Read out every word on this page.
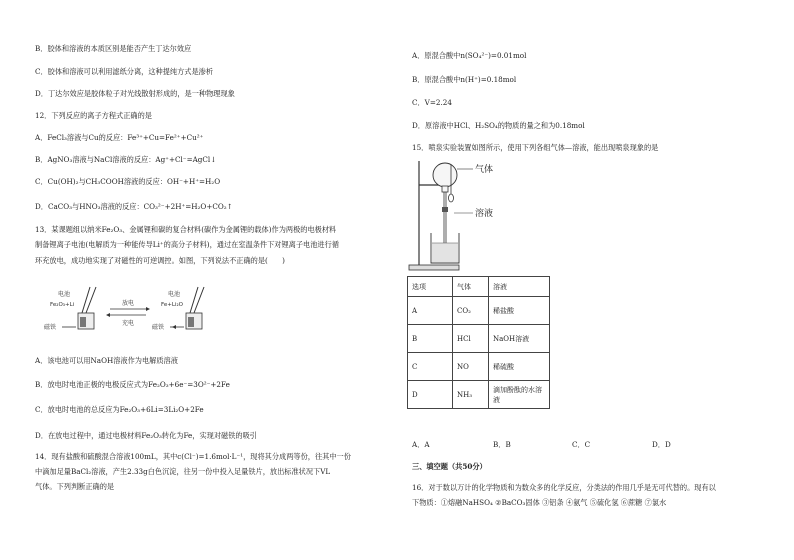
B．胶体和溶液的本质区别是能否产生丁达尔效应
C．胶体和溶液可以利用滤纸分离，这种提纯方式是渗析
D．丁达尔效应是胶体粒子对光线散射形成的，是一种物理现象
12．下列反应的离子方程式正确的是
A．FeCl₃溶液与Cu的反应：Fe³⁺+Cu=Fe²⁺+Cu²⁺
B．AgNO₃溶液与NaCl溶液的反应：Ag⁺+Cl⁻=AgCl↓
C．Cu(OH)₂与CH₃COOH溶液的反应：OH⁻+H⁺=H₂O
D．CaCO₃与HNO₃溶液的反应：CO₃²⁻+2H⁺=H₂O+CO₂↑
13．某课题组以纳米Fe₂O₃、金属锂和碳的复合材料(碳作为金属锂的载体)作为两极的电极材料
制备锂离子电池(电解质为一种能传导Li⁺的高分子材料)，通过在室温条件下对锂离子电池进行循
环充放电，成功地实现了对磁性的可逆调控。如图，下列说法不正确的是(　　)
电池
Fe₂O₃+Li
磁铁
放电
充电
电池
Fe+Li₂O
磁铁
A．该电池可以用NaOH溶液作为电解质溶液
B．放电时电池正极的电极反应式为Fe₂O₃+6e⁻=3O²⁻+2Fe
C．放电时电池的总反应为Fe₂O₃+6Li=3Li₂O+2Fe
D．在放电过程中，通过电极材料Fe₂O₃转化为Fe，实现对磁铁的吸引
14．现有盐酸和硫酸混合溶液100mL，其中c(Cl⁻)=1.6mol·L⁻¹，现将其分成两等份，往其中一份
中滴加足量BaCl₂溶液，产生2.33g白色沉淀，往另一份中投入足量铁片，放出标准状况下VL
气体。下列判断正确的是
A．原混合酸中n(SO₄²⁻)=0.01mol
B．原混合酸中n(H⁺)=0.18mol
C．V=2.24
D．原溶液中HCl、H₂SO₄的物质的量之和为0.18mol
15．喷泉实验装置如图所示，使用下列各组气体—溶液，能出现喷泉现象的是
气体
溶液
选项	气体	溶液
A	CO₂	稀盐酸
B	HCl	NaOH溶液
C	NO	稀硫酸
D	NH₃	滴加酚酞的水溶液
A．A	B．B	C．C	D．D
三、填空题（共50分）
16．对于数以万计的化学物质和为数众多的化学反应，分类法的作用几乎是无可代替的。现有以
下物质：①熔融NaHSO₄ ②BaCO₃固体 ③铝条 ④氨气 ⑤硫化氢 ⑥蔗糖 ⑦氯水
